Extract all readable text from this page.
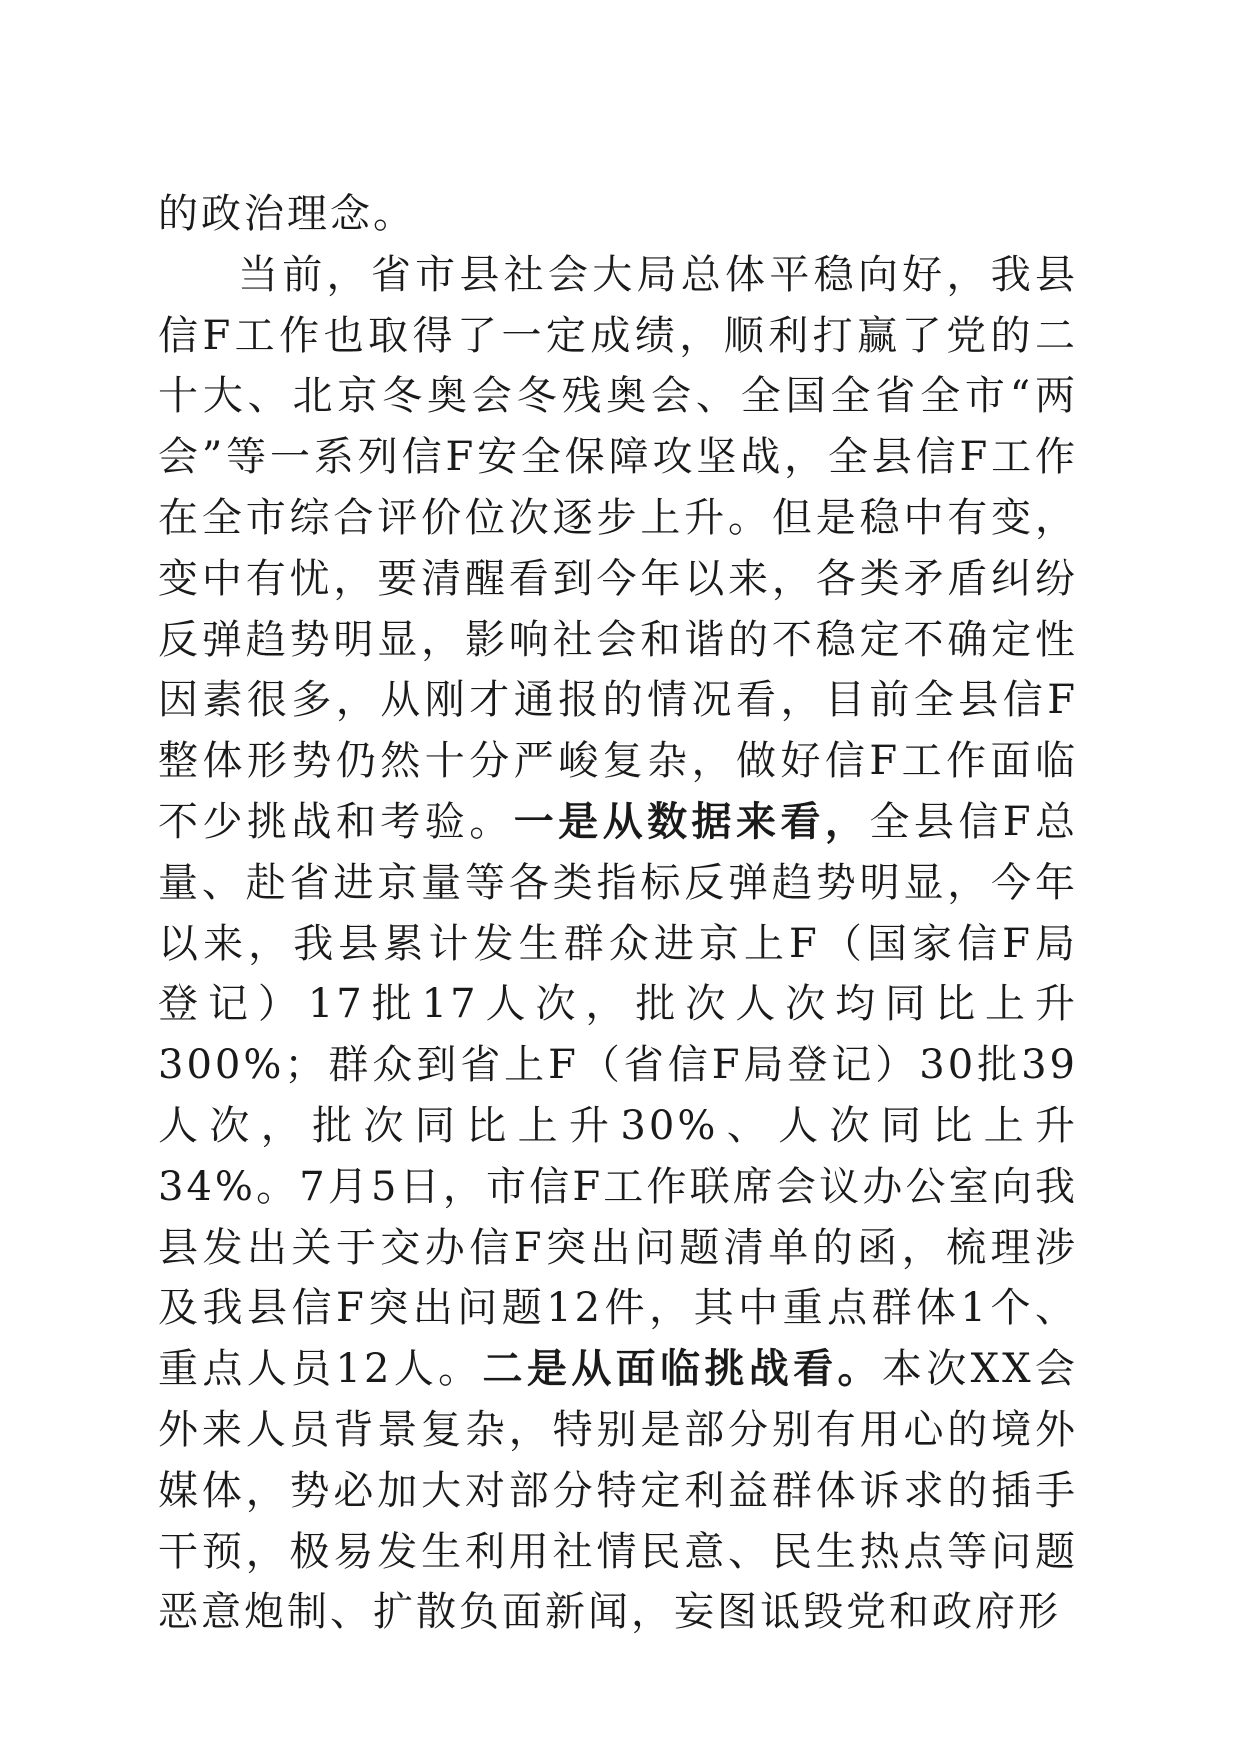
的政治理念。

当前，省市县社会大局总体平稳向好，我县信F工作也取得了一定成绩，顺利打赢了党的二十大、北京冬奥会冬残奥会、全国全省全市“两会”等一系列信F安全保障攻坚战，全县信F工作在全市综合评价位次逐步上升。但是稳中有变，变中有忧，要清醒看到今年以来，各类矛盾纠纷反弹趋势明显，影响社会和谐的不稳定不确定性因素很多，从刚才通报的情况看，目前全县信F整体形势仍然十分严峻复杂，做好信F工作面临不少挑战和考验。一是从数据来看，全县信F总量、赴省进京量等各类指标反弹趋势明显，今年以来，我县累计发生群众进京上F（国家信F局登记）17批17人次，批次人次均同比上升300%；群众到省上F（省信F局登记）30批39人次，批次同比上升30%、人次同比上升34%。7月5日，市信F工作联席会议办公室向我县发出关于交办信F突出问题清单的函，梳理涉及我县信F突出问题12件，其中重点群体1个、重点人员12人。二是从面临挑战看。本次XX会外来人员背景复杂，特别是部分别有用心的境外媒体，势必加大对部分特定利益群体诉求的插手干预，极易发生利用社情民意、民生热点等问题恶意炮制、扩散负面新闻，妄图诋毁党和政府形
